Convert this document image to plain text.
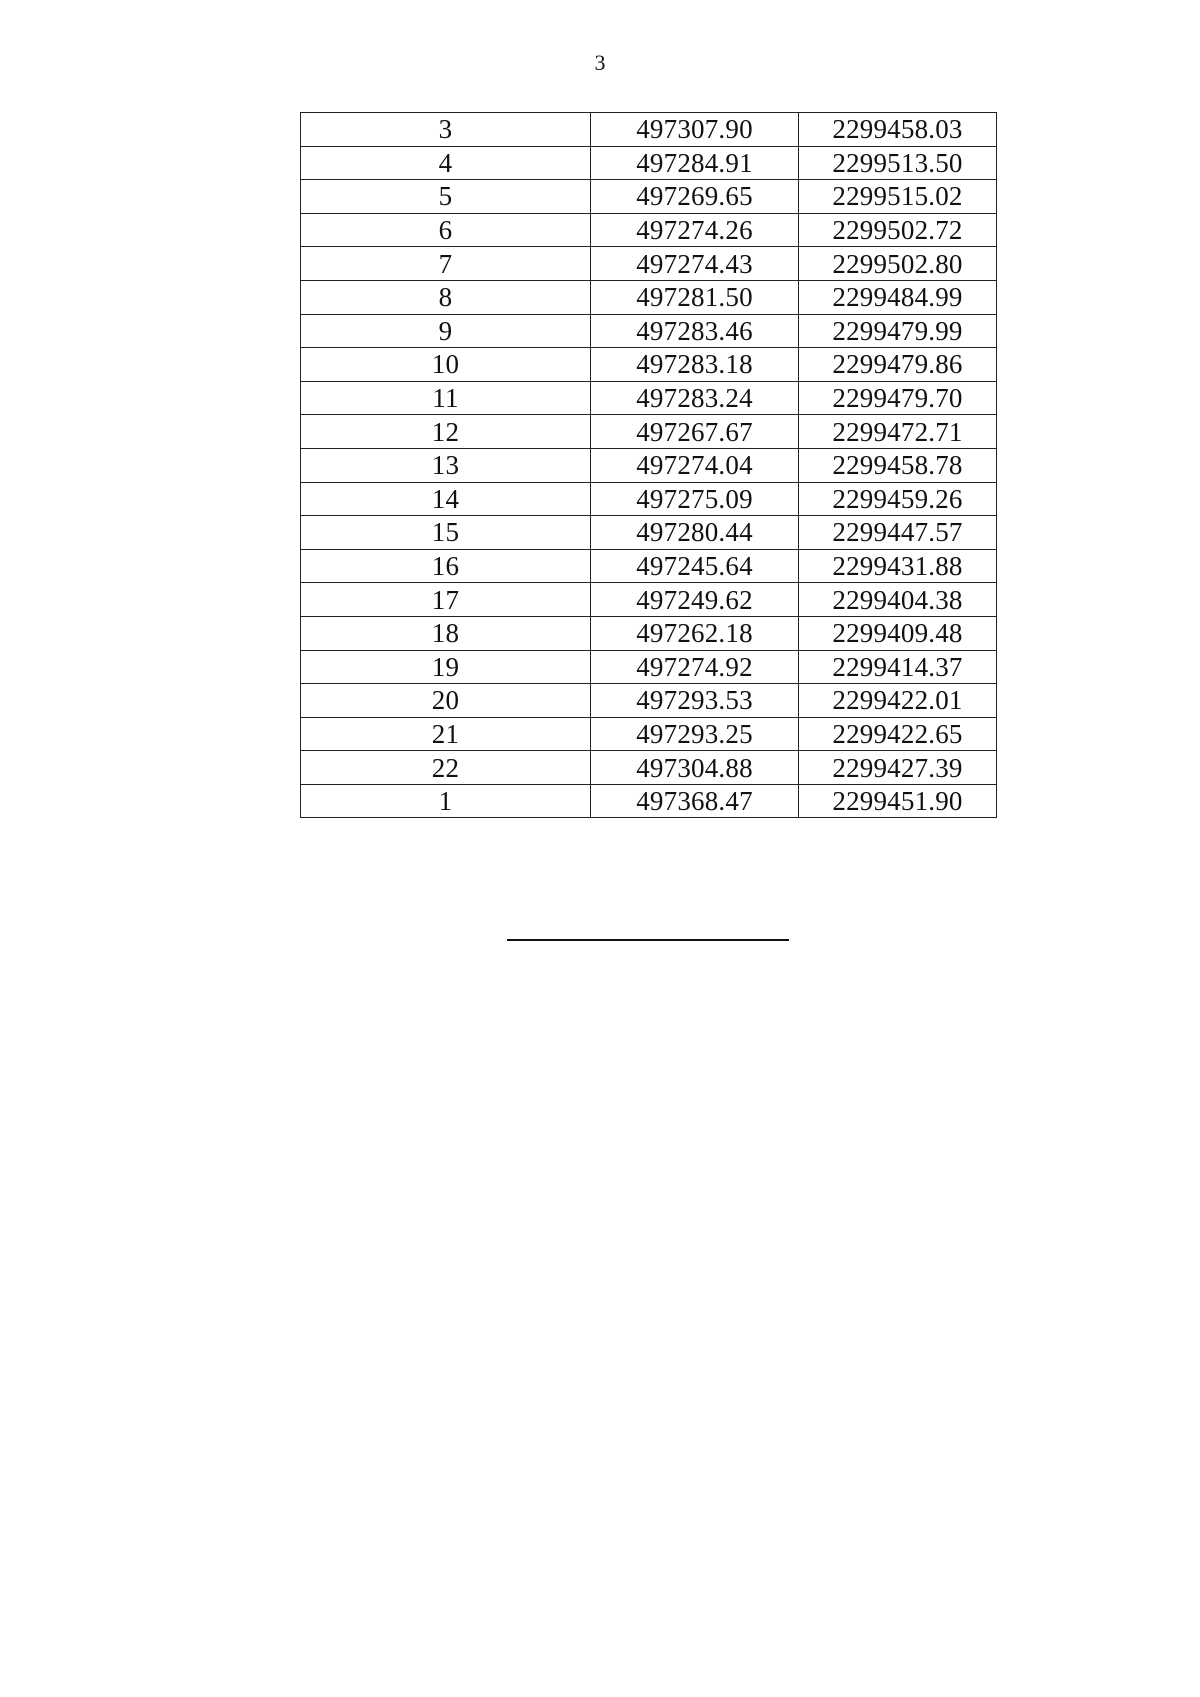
3
3	497307.90	2299458.03
4	497284.91	2299513.50
5	497269.65	2299515.02
6	497274.26	2299502.72
7	497274.43	2299502.80
8	497281.50	2299484.99
9	497283.46	2299479.99
10	497283.18	2299479.86
11	497283.24	2299479.70
12	497267.67	2299472.71
13	497274.04	2299458.78
14	497275.09	2299459.26
15	497280.44	2299447.57
16	497245.64	2299431.88
17	497249.62	2299404.38
18	497262.18	2299409.48
19	497274.92	2299414.37
20	497293.53	2299422.01
21	497293.25	2299422.65
22	497304.88	2299427.39
1	497368.47	2299451.90
